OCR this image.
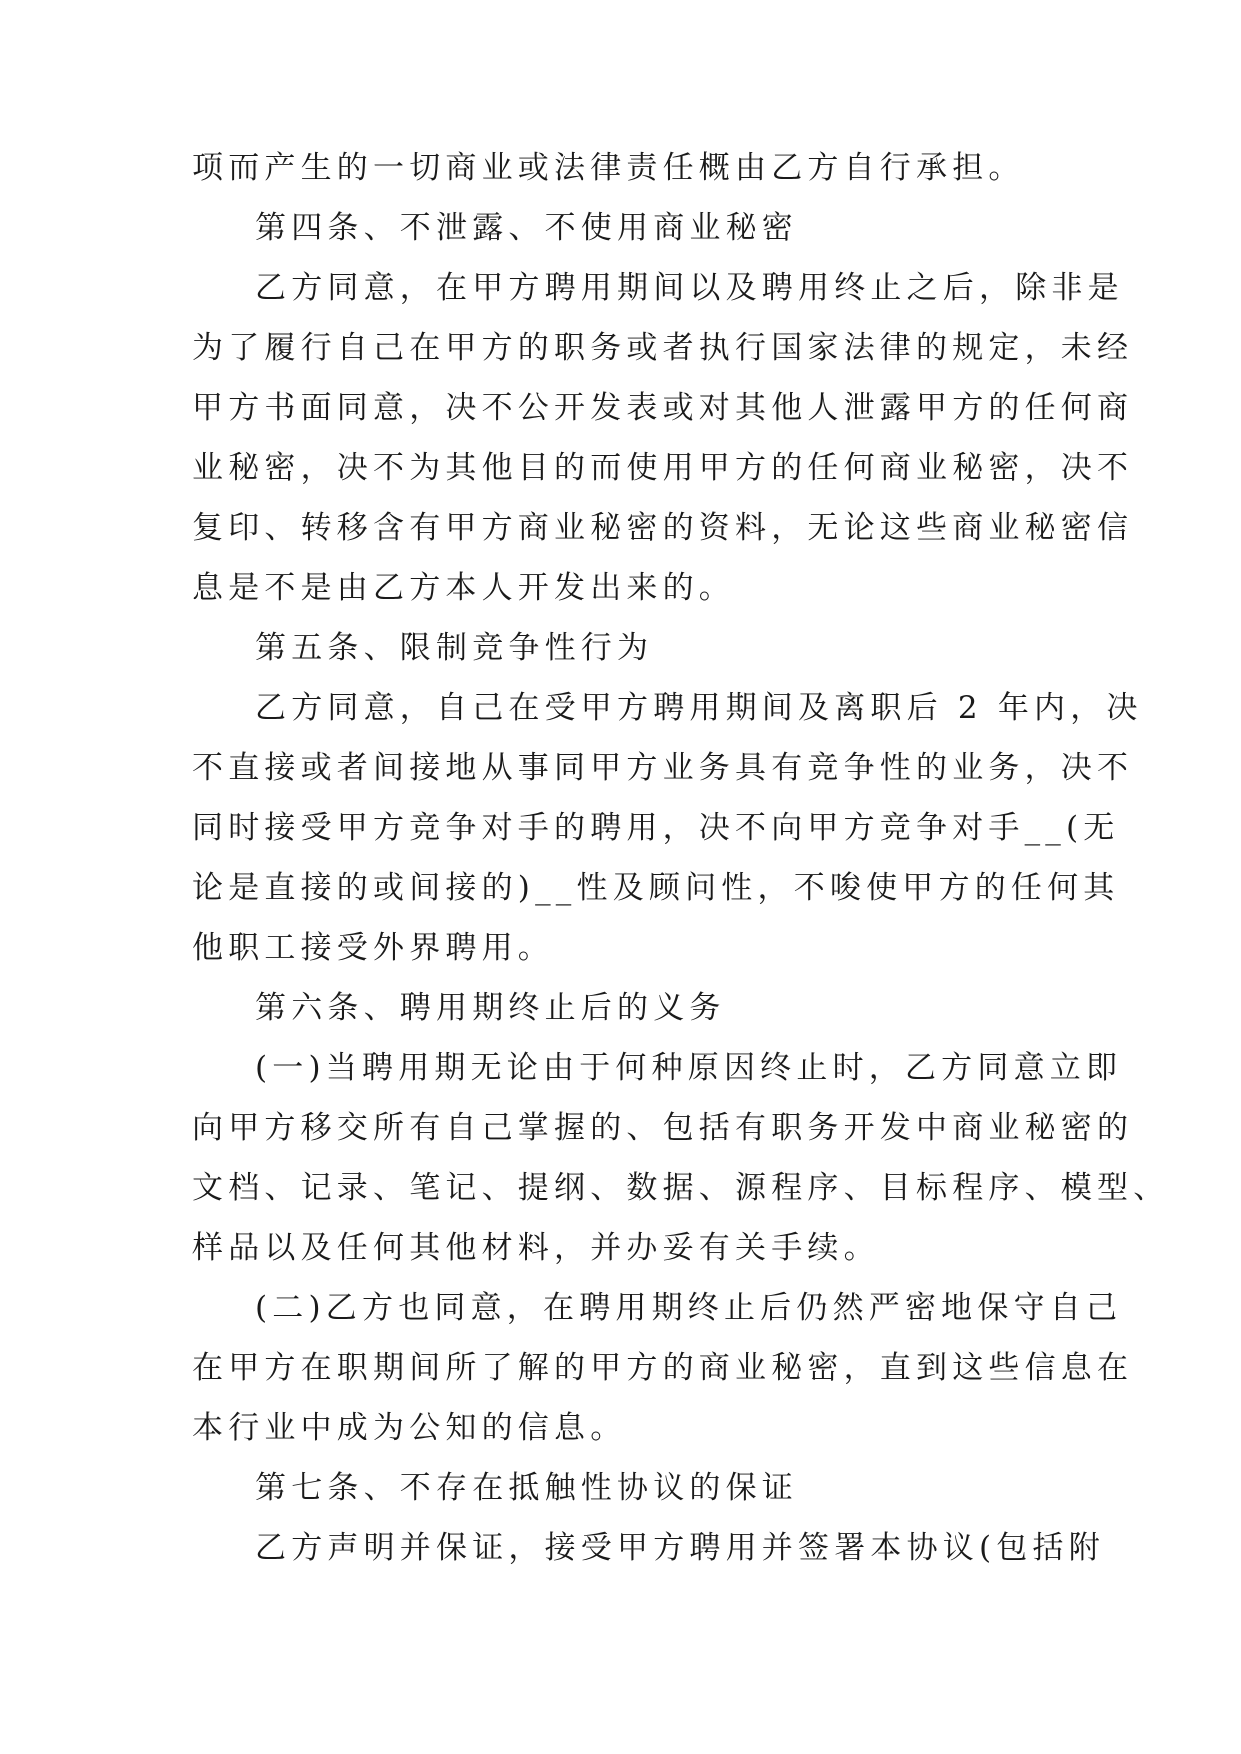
项而产生的一切商业或法律责任概由乙方自行承担。
第四条、不泄露、不使用商业秘密
乙方同意，在甲方聘用期间以及聘用终止之后，除非是
为了履行自己在甲方的职务或者执行国家法律的规定，未经
甲方书面同意，决不公开发表或对其他人泄露甲方的任何商
业秘密，决不为其他目的而使用甲方的任何商业秘密，决不
复印、转移含有甲方商业秘密的资料，无论这些商业秘密信
息是不是由乙方本人开发出来的。
第五条、限制竞争性行为
乙方同意，自己在受甲方聘用期间及离职后 2 年内，决
不直接或者间接地从事同甲方业务具有竞争性的业务，决不
同时接受甲方竞争对手的聘用，决不向甲方竞争对手__(无
论是直接的或间接的)__性及顾问性，不唆使甲方的任何其
他职工接受外界聘用。
第六条、聘用期终止后的义务
(一)当聘用期无论由于何种原因终止时，乙方同意立即
向甲方移交所有自己掌握的、包括有职务开发中商业秘密的
文档、记录、笔记、提纲、数据、源程序、目标程序、模型、
样品以及任何其他材料，并办妥有关手续。
(二)乙方也同意，在聘用期终止后仍然严密地保守自己
在甲方在职期间所了解的甲方的商业秘密，直到这些信息在
本行业中成为公知的信息。
第七条、不存在抵触性协议的保证
乙方声明并保证，接受甲方聘用并签署本协议(包括附
